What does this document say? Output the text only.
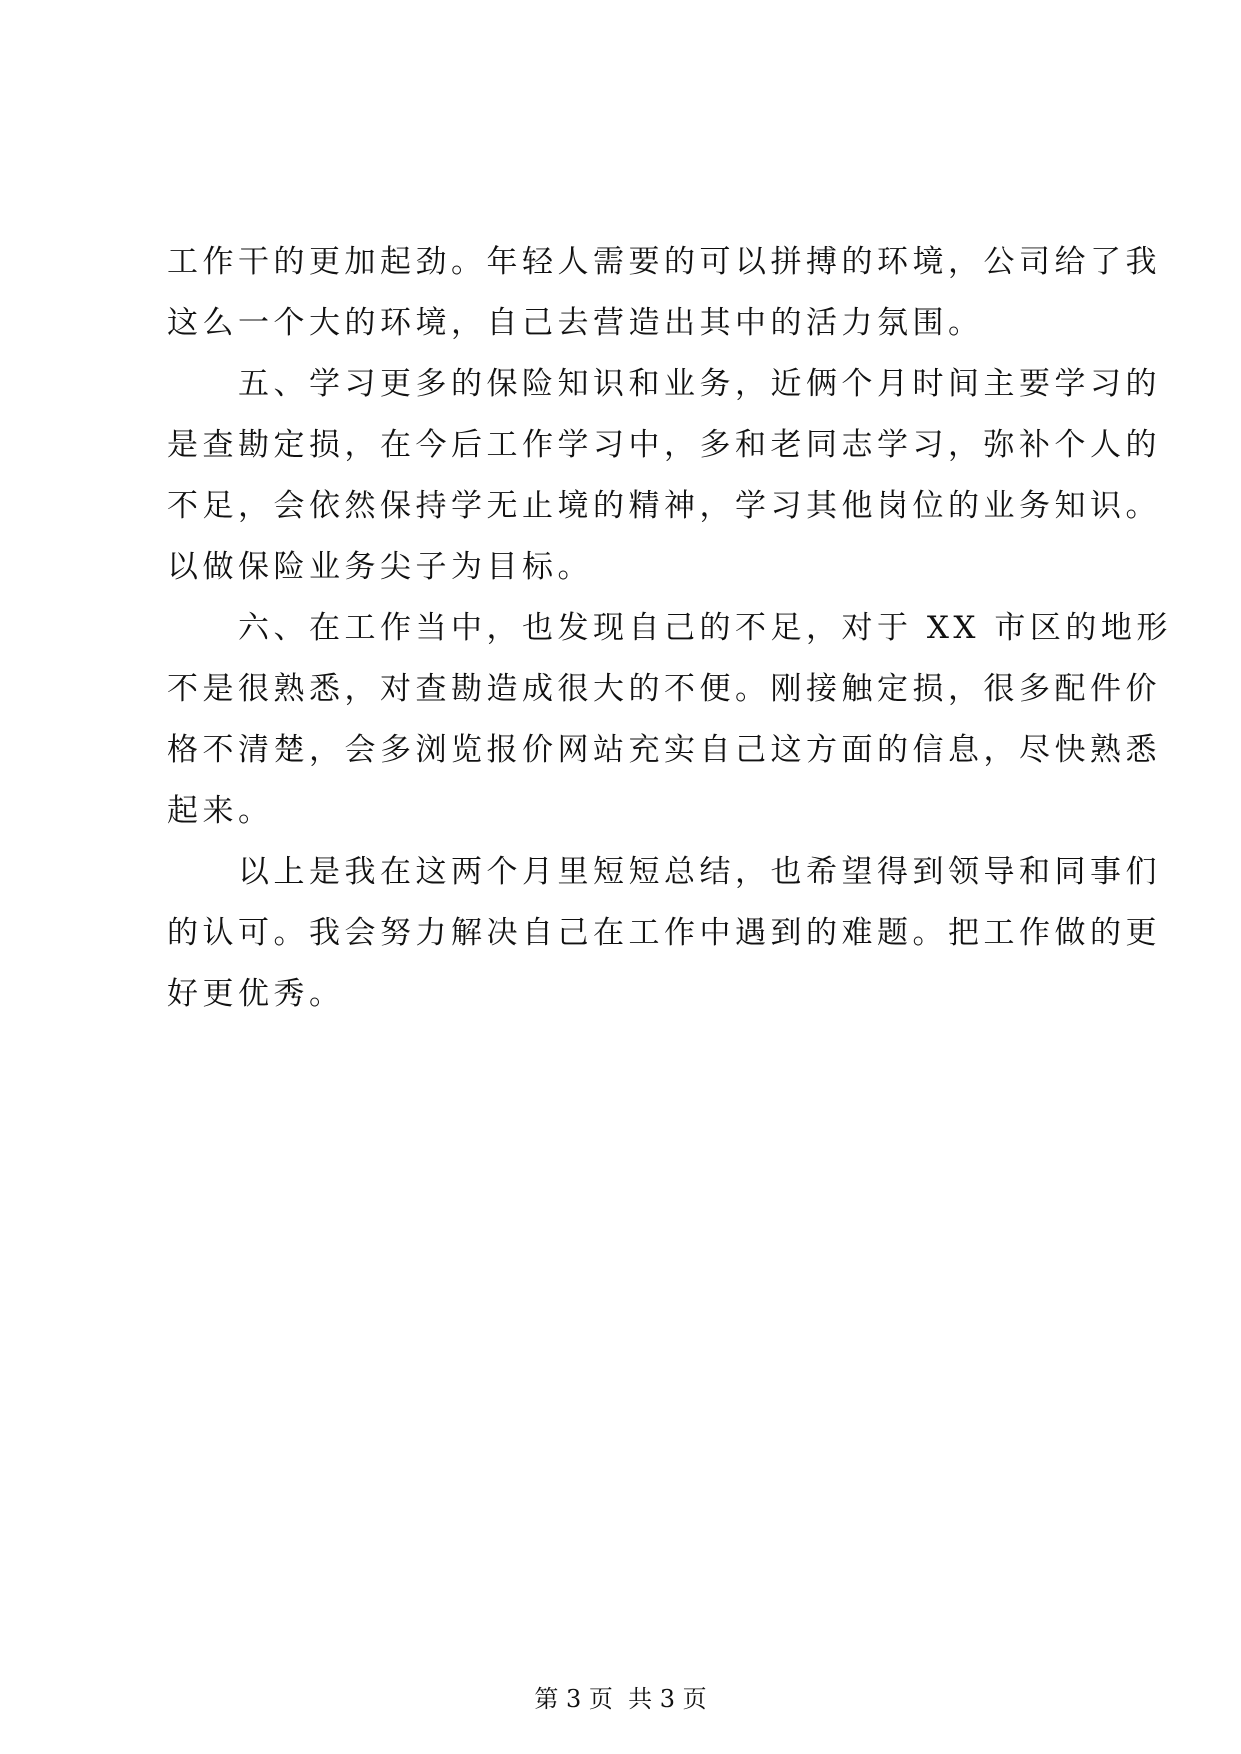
工作干的更加起劲。年轻人需要的可以拼搏的环境，公司给了我
这么一个大的环境，自己去营造出其中的活力氛围。
　　五、学习更多的保险知识和业务，近俩个月时间主要学习的
是查勘定损，在今后工作学习中，多和老同志学习，弥补个人的
不足，会依然保持学无止境的精神，学习其他岗位的业务知识。
以做保险业务尖子为目标。
　　六、在工作当中，也发现自己的不足，对于 XX 市区的地形
不是很熟悉，对查勘造成很大的不便。刚接触定损，很多配件价
格不清楚，会多浏览报价网站充实自己这方面的信息，尽快熟悉
起来。
　　以上是我在这两个月里短短总结，也希望得到领导和同事们
的认可。我会努力解决自己在工作中遇到的难题。把工作做的更
好更优秀。
第 3 页  共 3 页
